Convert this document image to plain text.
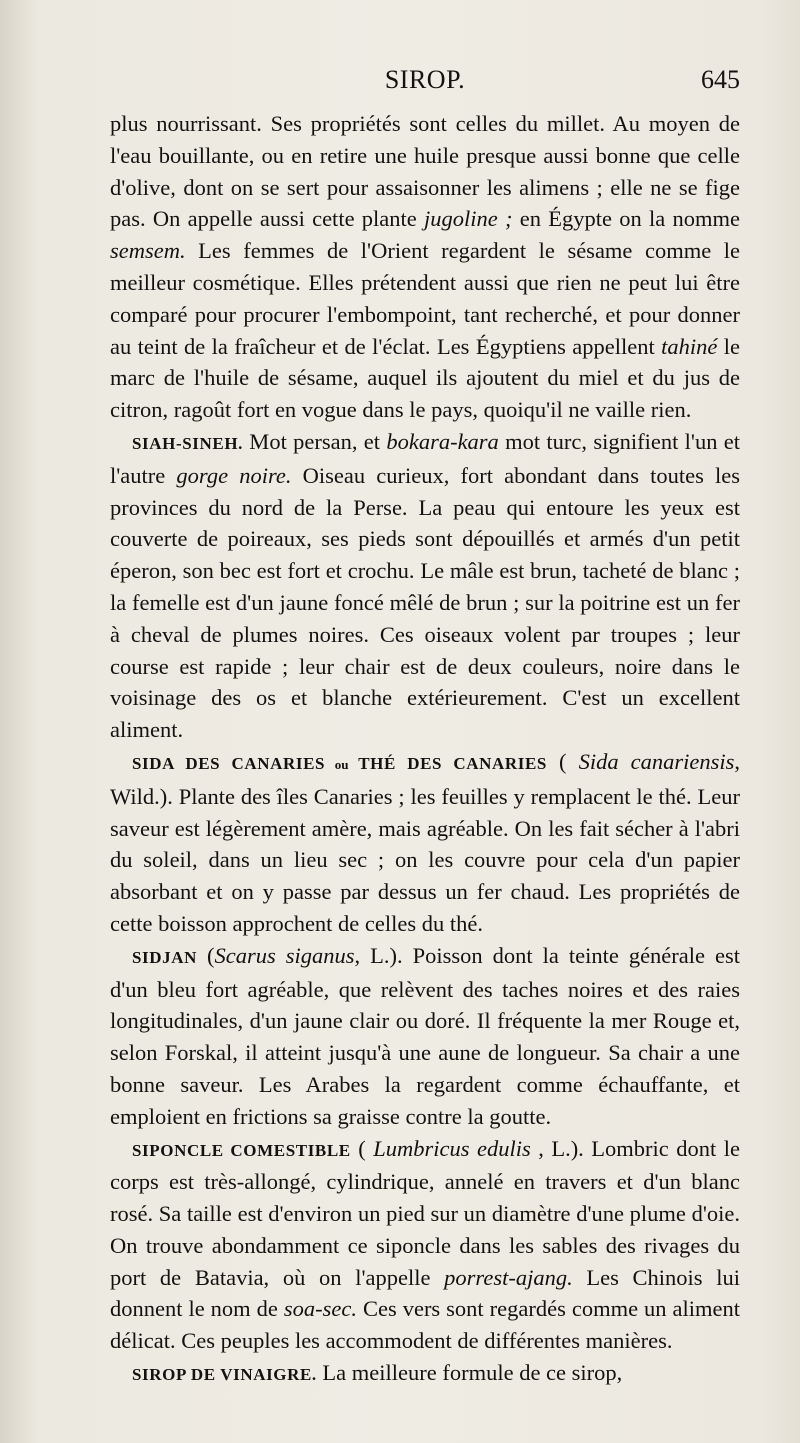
SIROP.	645

plus nourrissant. Ses propriétés sont celles du millet. Au moyen de l'eau bouillante, ou en retire une huile presque aussi bonne que celle d'olive, dont on se sert pour assaisonner les alimens ; elle ne se fige pas. On appelle aussi cette plante jugoline ; en Égypte on la nomme semsem. Les femmes de l'Orient regardent le sésame comme le meilleur cosmétique. Elles prétendent aussi que rien ne peut lui être comparé pour procurer l'embompoint, tant recherché, et pour donner au teint de la fraîcheur et de l'éclat. Les Égyptiens appellent tahiné le marc de l'huile de sésame, auquel ils ajoutent du miel et du jus de citron, ragoût fort en vogue dans le pays, quoiqu'il ne vaille rien.

SIAH-SINEH. Mot persan, et bokara-kara mot turc, signifient l'un et l'autre gorge noire. Oiseau curieux, fort abondant dans toutes les provinces du nord de la Perse. La peau qui entoure les yeux est couverte de poireaux, ses pieds sont dépouillés et armés d'un petit éperon, son bec est fort et crochu. Le mâle est brun, tacheté de blanc ; la femelle est d'un jaune foncé mêlé de brun ; sur la poitrine est un fer à cheval de plumes noires. Ces oiseaux volent par troupes ; leur course est rapide ; leur chair est de deux couleurs, noire dans le voisinage des os et blanche extérieurement. C'est un excellent aliment.

SIDA DES CANARIES ou THÉ DES CANARIES ( Sida canariensis, Wild.). Plante des îles Canaries ; les feuilles y remplacent le thé. Leur saveur est légèrement amère, mais agréable. On les fait sécher à l'abri du soleil, dans un lieu sec ; on les couvre pour cela d'un papier absorbant et on y passe par dessus un fer chaud. Les propriétés de cette boisson approchent de celles du thé.

SIDJAN (Scarus siganus, L.). Poisson dont la teinte générale est d'un bleu fort agréable, que relèvent des taches noires et des raies longitudinales, d'un jaune clair ou doré. Il fréquente la mer Rouge et, selon Forskal, il atteint jusqu'à une aune de longueur. Sa chair a une bonne saveur. Les Arabes la regardent comme échauffante, et emploient en frictions sa graisse contre la goutte.

SIPONCLE COMESTIBLE ( Lumbricus edulis , L.). Lombric dont le corps est très-allongé, cylindrique, annelé en travers et d'un blanc rosé. Sa taille est d'environ un pied sur un diamètre d'une plume d'oie. On trouve abondamment ce siponcle dans les sables des rivages du port de Batavia, où on l'appelle porrest-ajang. Les Chinois lui donnent le nom de soa-sec. Ces vers sont regardés comme un aliment délicat. Ces peuples les accommodent de différentes manières.

SIROP DE VINAIGRE. La meilleure formule de ce sirop,
